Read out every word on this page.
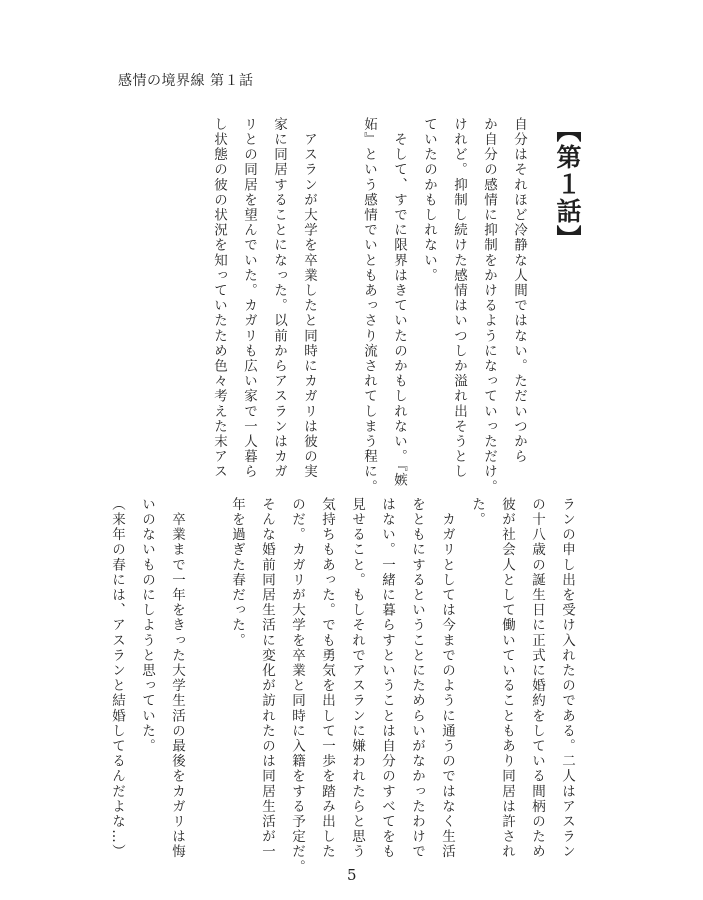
感情の境界線 第１話
【第１話】
自分はそれほど冷静な人間ではない。ただいつから
か自分の感情に抑制をかけるようになっていっただけ。
けれど。抑制し続けた感情はいつしか溢れ出そうとし
ていたのかもしれない。
　そして、すでに限界はきていたのかもしれない。『嫉
妬』という感情でいともあっさり流されてしまう程に。
　アスランが大学を卒業したと同時にカガリは彼の実
家に同居することになった。以前からアスランはカガ
リとの同居を望んでいた。カガリも広い家で一人暮ら
し状態の彼の状況を知っていたため色々考えた末アス
ランの申し出を受け入れたのである。二人はアスラン
の十八歳の誕生日に正式に婚約をしている間柄のため
彼が社会人として働いていることもあり同居は許され
た。
　カガリとしては今までのように通うのではなく生活
をともにするということにためらいがなかったわけで
はない。一緒に暮らすということは自分のすべてをも
見せること。もしそれでアスランに嫌われたらと思う
気持ちもあった。でも勇気を出して一歩を踏み出した
のだ。カガリが大学を卒業と同時に入籍をする予定だ。
そんな婚前同居生活に変化が訪れたのは同居生活が一
年を過ぎた春だった。
　卒業まで一年をきった大学生活の最後をカガリは悔
いのないものにしようと思っていた。
（来年の春には、アスランと結婚してるんだよな…）
5
